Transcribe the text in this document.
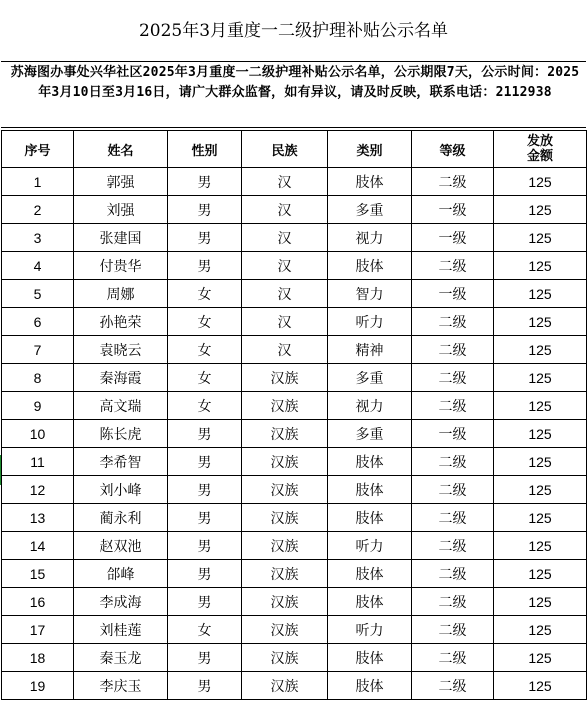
2025年3月重度一二级护理补贴公示名单
苏海图办事处兴华社区2025年3月重度一二级护理补贴公示名单，公示期限7天，公示时间：2025年3月10日至3月16日，请广大群众监督，如有异议，请及时反映，联系电话：2112938
序号	姓名	性别	民族	类别	等级	发放
金额

1	郭强	男	汉	肢体	二级	125
2	刘强	男	汉	多重	一级	125
3	张建国	男	汉	视力	一级	125
4	付贵华	男	汉	肢体	二级	125
5	周娜	女	汉	智力	一级	125
6	孙艳荣	女	汉	听力	二级	125
7	袁晓云	女	汉	精神	二级	125
8	秦海霞	女	汉族	多重	二级	125
9	高文瑞	女	汉族	视力	二级	125
10	陈长虎	男	汉族	多重	一级	125
11	李希智	男	汉族	肢体	二级	125
12	刘小峰	男	汉族	肢体	二级	125
13	蔺永利	男	汉族	肢体	二级	125
14	赵双池	男	汉族	听力	二级	125
15	郃峰	男	汉族	肢体	二级	125
16	李成海	男	汉族	肢体	二级	125
17	刘桂莲	女	汉族	听力	二级	125
18	秦玉龙	男	汉族	肢体	二级	125
19	李庆玉	男	汉族	肢体	二级	125
